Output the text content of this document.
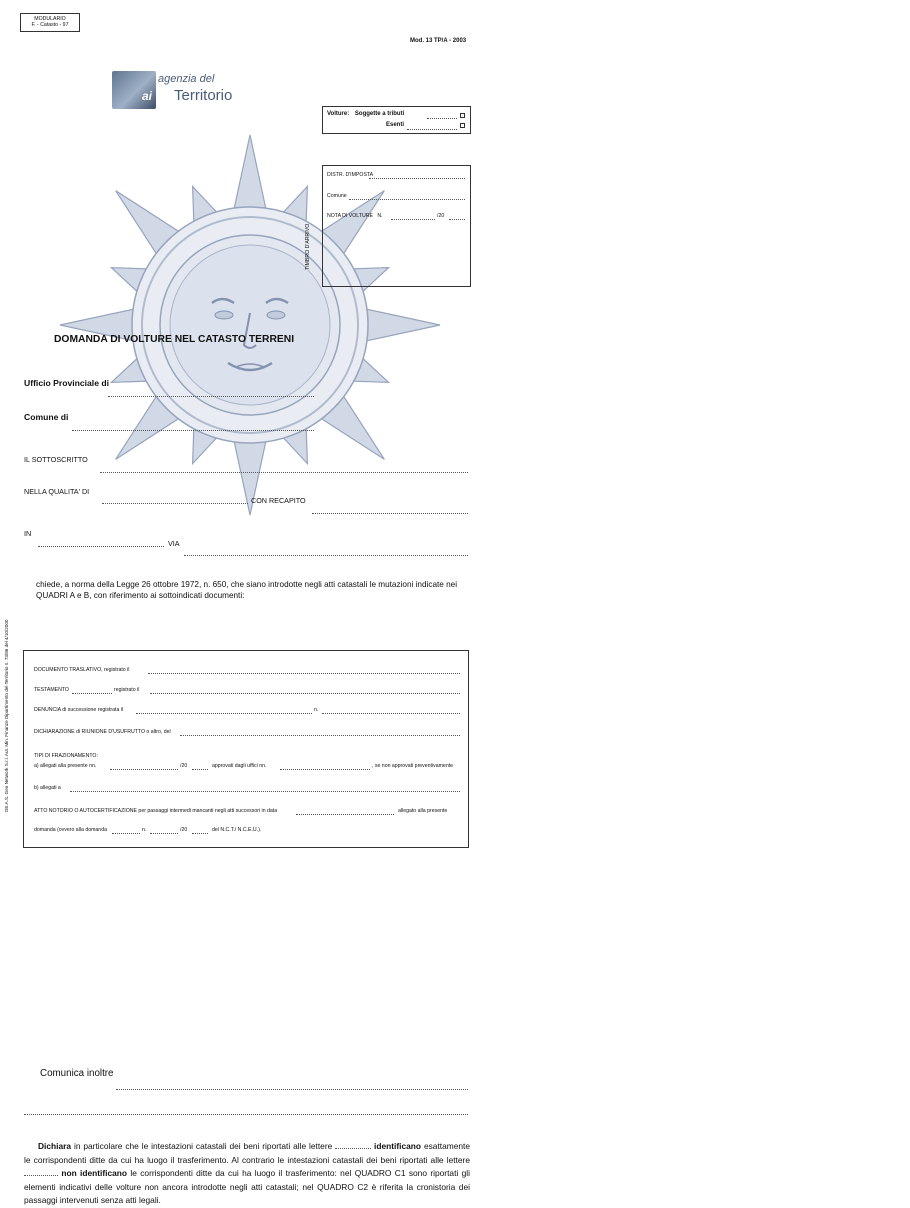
MODULARIO
F. - Catasto - 97
Mod. 13 TP/A - 2003
ai
agenzia del
Territorio
Volture: Soggette a tributi
Esenti
DISTR. D'IMPOSTA
Comune
NOTA DI VOLTURE N.	/20
TIMBRO D'ARRIVO
DOMANDA DI VOLTURE NEL CATASTO TERRENI
Ufficio Provinciale di
Comune di
IL SOTTOSCRITTO
NELLA QUALITA' DI
CON RECAPITO
IN
VIA
chiede, a norma della Legge 26 ottobre 1972, n. 650, che siano introdotte negli atti catastali le mutazioni indicate nei QUADRI A e B, con riferimento ai sottoindicati documenti:
DE.A.S. Geo Network S.r.l. Aut. Min. Finanze Dipartimento del Territorio n. 73/86 del 4/10/2000	DOCUMENTO TRASLATIVO, registrato il
TESTAMENTO	registrato il
DENUNCIA di successione registrata il	n.
DICHIARAZIONE di RIUNIONE D'USUFRUTTO o altro, del
TIPI DI FRAZIONAMENTO:
a) allegati alla presente nn.	/20	approvati dagli uffici nn.	, se non approvati preventivamente
b) allegati a
ATTO NOTORIO O AUTOCERTIFICAZIONE per passaggi intermedi mancanti negli atti successori in data	allegato alla presente
domanda (ovvero alla domanda	n.	/20	del N.C.T./ N.C.E.U.).
Comunica inoltre
Dichiara in particolare che le intestazioni catastali dei beni riportati alle lettere	identificano esattamente le corrispondenti ditte da cui ha luogo il trasferimento. Al contrario le intestazioni catastali dei beni riportati alle lettere  non identificano le corrispondenti ditte da cui ha luogo il trasferimento: nel QUADRO C1 sono riportati gli elementi indicativi delle volture non ancora introdotte negli atti catastali; nel QUADRO C2 è riferita la cronistoria dei passaggi intervenuti senza atti legali.
